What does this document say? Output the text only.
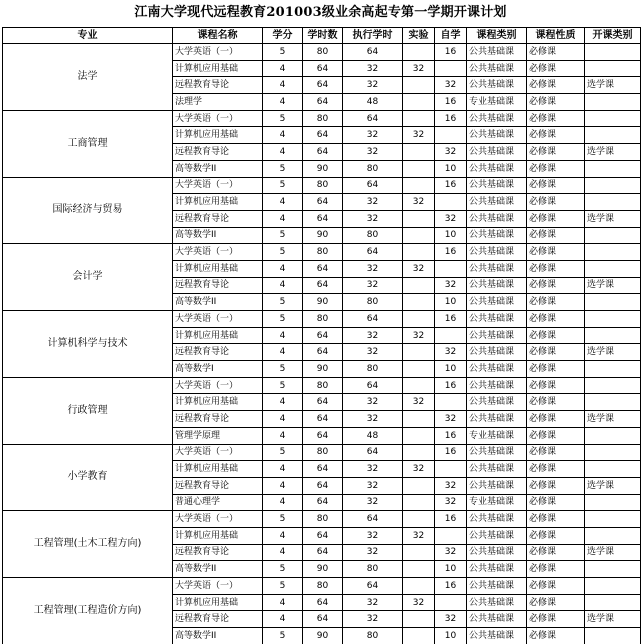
江南大学现代远程教育201003级业余高起专第一学期开课计划
专业	课程名称	学分	学时数	执行学时	实验	自学	课程类别	课程性质	开课类别
法学	大学英语（一）	5	80	64		16	公共基础课	必修课	
	计算机应用基础	4	64	32	32		公共基础课	必修课	
	远程教育导论	4	64	32		32	公共基础课	必修课	选学课
	法理学	4	64	48		16	专业基础课	必修课	
工商管理	大学英语（一）	5	80	64		16	公共基础课	必修课	
	计算机应用基础	4	64	32	32		公共基础课	必修课	
	远程教育导论	4	64	32		32	公共基础课	必修课	选学课
	高等数学II	5	90	80		10	公共基础课	必修课	
国际经济与贸易	大学英语（一）	5	80	64		16	公共基础课	必修课	
	计算机应用基础	4	64	32	32		公共基础课	必修课	
	远程教育导论	4	64	32		32	公共基础课	必修课	选学课
	高等数学II	5	90	80		10	公共基础课	必修课	
会计学	大学英语（一）	5	80	64		16	公共基础课	必修课	
	计算机应用基础	4	64	32	32		公共基础课	必修课	
	远程教育导论	4	64	32		32	公共基础课	必修课	选学课
	高等数学II	5	90	80		10	公共基础课	必修课	
计算机科学与技术	大学英语（一）	5	80	64		16	公共基础课	必修课	
	计算机应用基础	4	64	32	32		公共基础课	必修课	
	远程教育导论	4	64	32		32	公共基础课	必修课	选学课
	高等数学I	5	90	80		10	公共基础课	必修课	
行政管理	大学英语（一）	5	80	64		16	公共基础课	必修课	
	计算机应用基础	4	64	32	32		公共基础课	必修课	
	远程教育导论	4	64	32		32	公共基础课	必修课	选学课
	管理学原理	4	64	48		16	专业基础课	必修课	
小学教育	大学英语（一）	5	80	64		16	公共基础课	必修课	
	计算机应用基础	4	64	32	32		公共基础课	必修课	
	远程教育导论	4	64	32		32	公共基础课	必修课	选学课
	普通心理学	4	64	32		32	专业基础课	必修课	
工程管理(土木工程方向)	大学英语（一）	5	80	64		16	公共基础课	必修课	
	计算机应用基础	4	64	32	32		公共基础课	必修课	
	远程教育导论	4	64	32		32	公共基础课	必修课	选学课
	高等数学II	5	90	80		10	公共基础课	必修课	
工程管理(工程造价方向)	大学英语（一）	5	80	64		16	公共基础课	必修课	
	计算机应用基础	4	64	32	32		公共基础课	必修课	
	远程教育导论	4	64	32		32	公共基础课	必修课	选学课
	高等数学II	5	90	80		10	公共基础课	必修课	
